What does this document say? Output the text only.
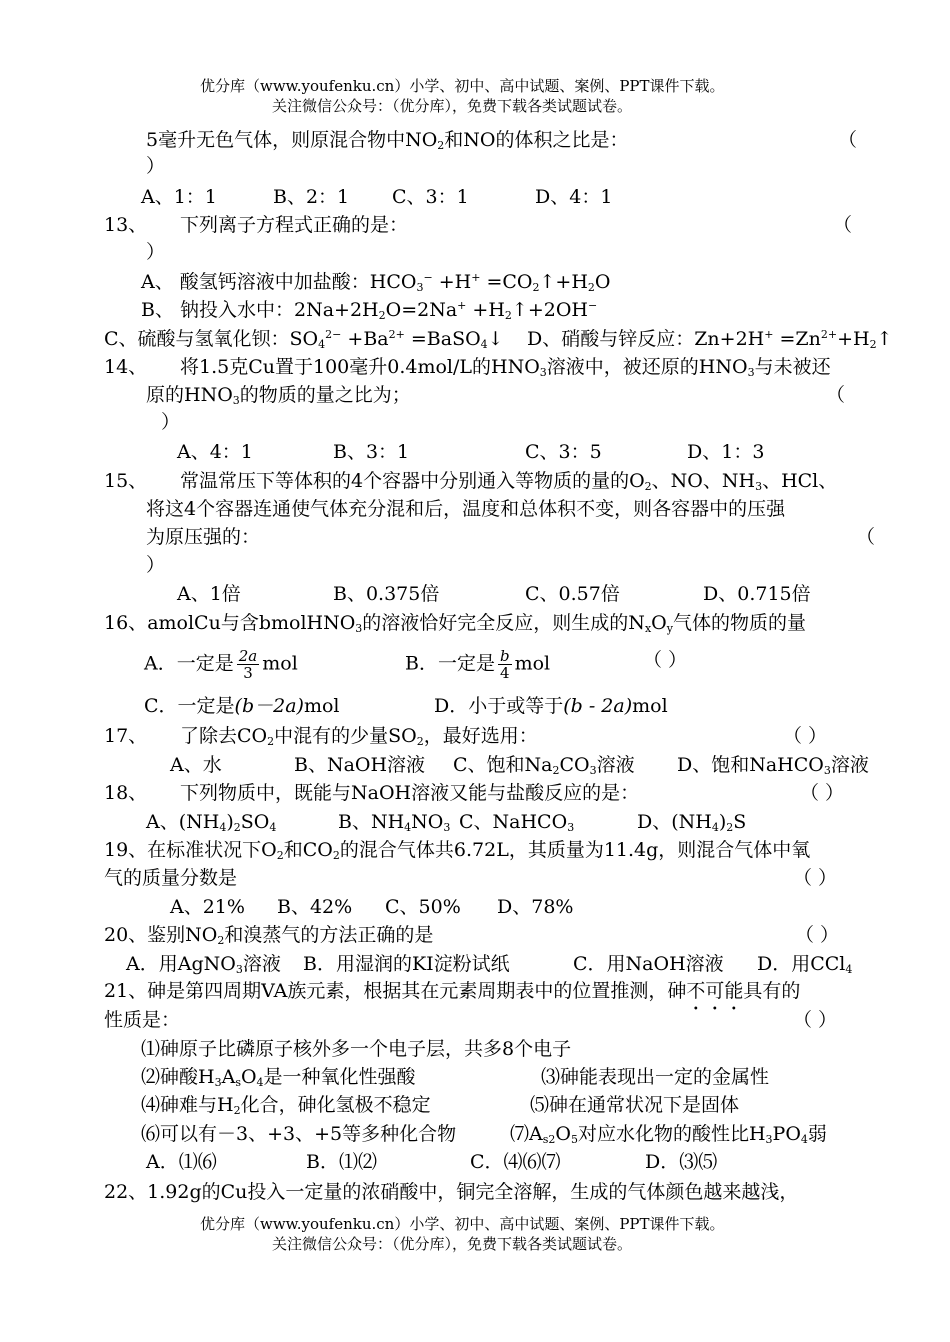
优分库（www.youfenku.cn）小学、初中、高中试题、案例、PPT课件下载。
关注微信公众号：（优分库），免费下载各类试题试卷。
5毫升无色气体，则原混合物中$NO_2$和NO的体积之比是：	（
）
A、1：1	B、2：1 C、3：1	D、4：1
13、 下列离子方程式正确的是：	（
）
A、 酸氢钙溶液中加盐酸：$HCO_3^- +H^+$ $=CO_2↑+H_2O$
B、 钠投入水中：$2Na+2H_2O=2Na^+$ $+H_2↑+2OH^-$
C、硫酸与氢氧化钡：$SO_4^{2-} +Ba^{2+}$ =BaSO$_4$↓ D、硝酸与锌反应：$Zn+2H^+ =Zn^{2+}+H_2↑$
14、 将1.5克Cu置于100毫升0.4mol/L的$HNO_3$溶液中，被还原的$HNO_3$与未被还
原的$HNO_3$的物质的量之比为；	（
）
A、4：1	B、3：1	C、3：5	D、1：3
15、 常温常压下等体积的4个容器中分别通入等物质的量的$O_2$、NO、$NH_3$、HCl、
将这4个容器连通使气体充分混和后，温度和总体积不变，则各容器中的压强
为原压强的：	（
）
A、1倍	B、0.375倍	C、0.57倍	D、0.715倍
16、amolCu与含bmolHNO$_3$的溶液恰好完全反应，则生成的$N_xO_y$气体的物质的量
A．一定是 $\frac{2a}{3}$ mol	B．一定是 $\frac{b}{4}$ mol	（ ）
C．一定是(b－2a)mol	D．小于或等于(b - 2a)mol
17、 了除去$CO_2$中混有的少量$SO_2$，最好选用：	（ ）
A、水	B、NaOH溶液 C、饱和$Na_2CO_3$溶液 D、饱和NaHCO$_3$溶液
18、 下列物质中，既能与NaOH溶液又能与盐酸反应的是：	（ ）
A、$(NH_4)_2SO_4$	B、$NH_4NO_3$ C、NaHCO$_3$	D、$(NH_4)_2S$
19、在标准状况下$O_2$和$CO_2$的混合气体共6.72L，其质量为11.4g，则混合气体中氧
气的质量分数是	（ ）
A、21% B、42% C、50% D、78%
20、鉴别$NO_2$和溴蒸气的方法正确的是	（ ）
A．用AgNO$_3$溶液 B．用湿润的KI淀粉试纸	C．用NaOH溶液 D．用CCl$_4$
21、砷是第四周期VA族元素，根据其在元素周期表中的位置推测，砷不可能具有的
性质是：	（ ）
⑴砷原子比磷原子核外多一个电子层，共多8个电子
⑵砷酸$H_3A_sO_4$是一种氧化性强酸	⑶砷能表现出一定的金属性
⑷砷难与$H_2$化合，砷化氢极不稳定	⑸砷在通常状况下是固体
⑹可以有－3、+3、+5等多种化合物	$⑺A_{s2}O_5$对应水化物的酸性比$H_3PO_4$弱
A．⑴⑹	B．⑴⑵	C．⑷⑹⑺	D．⑶⑸
22、1.92g的Cu投入一定量的浓硝酸中，铜完全溶解，生成的气体颜色越来越浅，
优分库（www.youfenku.cn）小学、初中、高中试题、案例、PPT课件下载。
关注微信公众号：（优分库），免费下载各类试题试卷。
